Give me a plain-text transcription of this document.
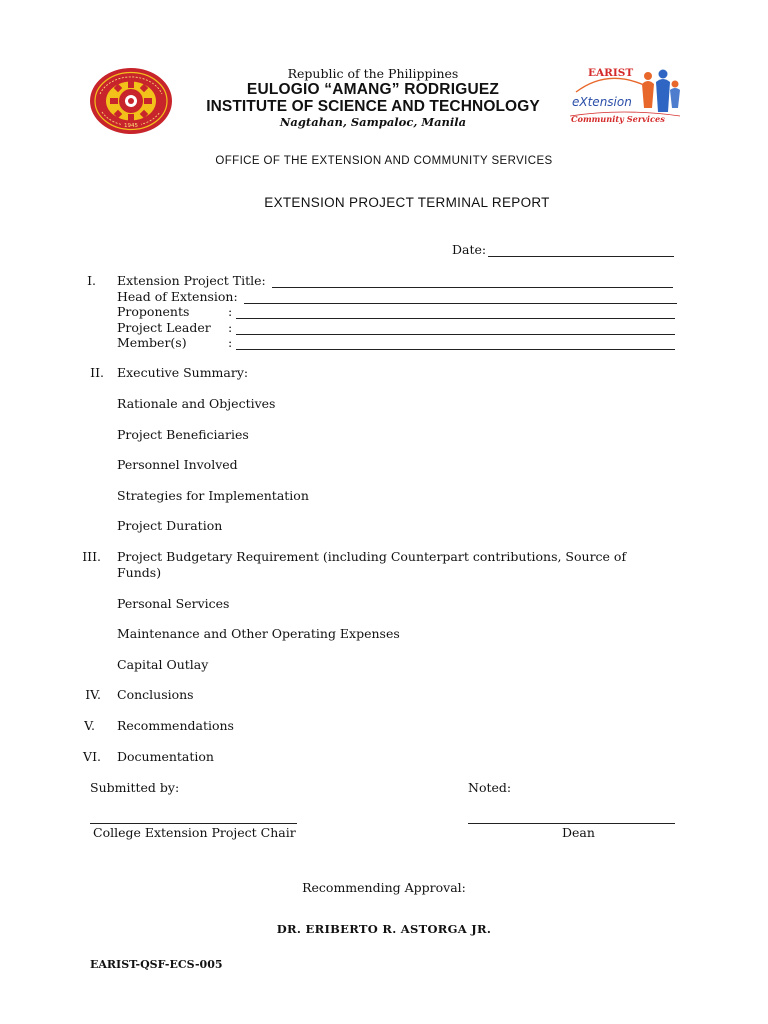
1945
EARIST
eXtension
Community Services
Republic of the Philippines
EULOGIO “AMANG” RODRIGUEZ
INSTITUTE OF SCIENCE AND TECHNOLOGY
Nagtahan, Sampaloc, Manila
OFFICE OF THE EXTENSION AND COMMUNITY SERVICES
EXTENSION PROJECT TERMINAL REPORT
Date:
I. Extension Project Title:
Head of Extension:
Proponents	:
Project Leader :
Member(s)	:
II. Executive Summary:
Rationale and Objectives
Project Beneficiaries
Personnel Involved
Strategies for Implementation
Project Duration
III. Project Budgetary Requirement (including Counterpart contributions, Source of
Funds)
Personal Services
Maintenance and Other Operating Expenses
Capital Outlay
IV. Conclusions
V. Recommendations
VI. Documentation
Submitted by:	Noted:
College Extension Project Chair	Dean
Recommending Approval:
DR. ERIBERTO R. ASTORGA JR.
EARIST-QSF-ECS-005
